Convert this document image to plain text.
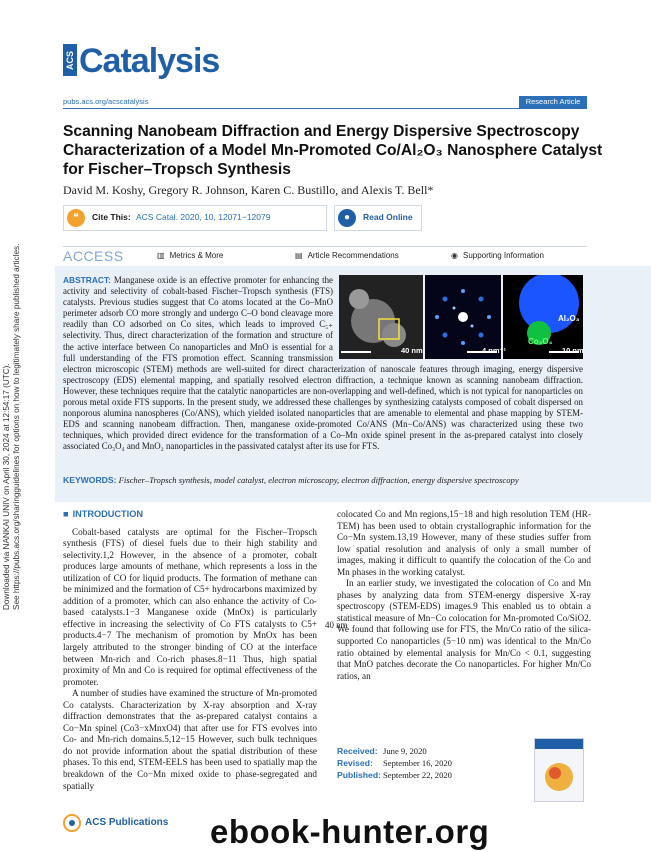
Downloaded via NANKAI UNIV on April 30, 2024 at 12:54:17 (UTC). See https://pubs.acs.org/sharingguidelines for options on how to legitimately share published articles.
ACS Catalysis
pubs.acs.org/acscatalysis	Research Article
Scanning Nanobeam Diffraction and Energy Dispersive Spectroscopy Characterization of a Model Mn-Promoted Co/Al₂O₃ Nanosphere Catalyst for Fischer–Tropsch Synthesis
David M. Koshy, Gregory R. Johnson, Karen C. Bustillo, and Alexis T. Bell*
❝	Cite This: ACS Catal. 2020, 10, 12071−12079	●	Read Online
ACCESS	▥ Metrics & More	▤ Article Recommendations	◉ Supporting Information
40 nm
ABSTRACT: Manganese oxide is an effective promoter for enhancing the activity and selectivity of cobalt-based Fischer–Tropsch synthesis (FTS) catalysts. Previous studies suggest that Co atoms located at the Co–MnO perimeter adsorb CO more strongly and undergo C–O bond cleavage more readily than CO adsorbed on Co sites, which leads to improved C₅₊ selectivity. Thus, direct characterization of the formation and structure of the active interface between Co nanoparticles and MnO is essential for a full understanding of the FTS promotion effect. Scanning transmission electron microscopic (STEM) methods are well-suited for direct characterization of nanoscale features through imaging, energy dispersive spectroscopy (EDS) elemental mapping, and spatially resolved electron diffraction, a technique known as scanning nanobeam diffraction. However, these techniques require that the catalytic nanoparticles are non-overlapping and well-defined, which is not typical for nanoparticles on porous metal oxide FTS supports. In the present study, we addressed these challenges by synthesizing catalysts composed of cobalt dispersed on nonporous alumina nanospheres (Co/ANS), which yielded isolated nanoparticles that are amenable to elemental and phase mapping by STEM-EDS and scanning nanobeam diffraction. Then, manganese oxide-promoted Co/ANS (Mn−Co/ANS) was characterized using these two techniques, which provided direct evidence for the transformation of a Co–Mn oxide spinel present in the as-prepared catalyst into closely associated Co₃O₄ and MnO₂ nanoparticles in the passivated catalyst after its use for FTS.
40 nm	4 nm⁻¹	10 nm
Al₂O₃
Co₃O₄
KEYWORDS: Fischer–Tropsch synthesis, model catalyst, electron microscopy, electron diffraction, energy dispersive spectroscopy
■ INTRODUCTION

Cobalt-based catalysts are optimal for the Fischer–Tropsch synthesis (FTS) of diesel fuels due to their high stability and selectivity.1,2 However, in the absence of a promoter, cobalt produces large amounts of methane, which represents a loss in the utilization of CO for liquid products. The formation of methane can be minimized and the formation of C5+ hydrocarbons maximized by addition of a promoter, which can also enhance the activity of Co-based catalysts.1−3 Manganese oxide (MnOx) is particularly effective in increasing the selectivity of Co FTS catalysts to C5+ products.4−7 The mechanism of promotion by MnOx has been largely attributed to the stronger binding of CO at the interface between Mn-rich and Co-rich phases.8−11 Thus, high spatial proximity of Mn and Co is required for optimal effectiveness of the promoter.

A number of studies have examined the structure of Mn-promoted Co catalysts. Characterization by X-ray absorption and X-ray diffraction demonstrates that the as-prepared catalyst contains a Co−Mn spinel (Co3−xMnxO4) that after use for FTS evolves into Co- and Mn-rich domains.5,12−15 However, such bulk techniques do not provide information about the spatial distribution of these phases. To this end, STEM-EELS has been used to spatially map the breakdown of the Co−Mn mixed oxide to phase-segregated and spatially

colocated Co and Mn regions,15−18 and high resolution TEM (HR-TEM) has been used to obtain crystallographic information for the Co−Mn system.13,19 However, many of these studies suffer from low spatial resolution and analysis of only a small number of images, making it difficult to quantify the colocation of the Co and Mn phases in the working catalyst.

In an earlier study, we investigated the colocation of Co and Mn phases by analyzing data from STEM-energy dispersive X-ray spectroscopy (STEM-EDS) images.9 This enabled us to obtain a statistical measure of Mn−Co colocation for Mn-promoted Co/SiO2. We found that following use for FTS, the Mn/Co ratio of the silica-supported Co nanoparticles (5−10 nm) was identical to the Mn/Co ratio obtained by elemental analysis for Mn/Co < 0.1, suggesting that MnO patches decorate the Co nanoparticles. For higher Mn/Co ratios, an

Received: June 9, 2020
Revised: September 16, 2020
Published: September 22, 2020
ACS Publications ebook-hunter.org
